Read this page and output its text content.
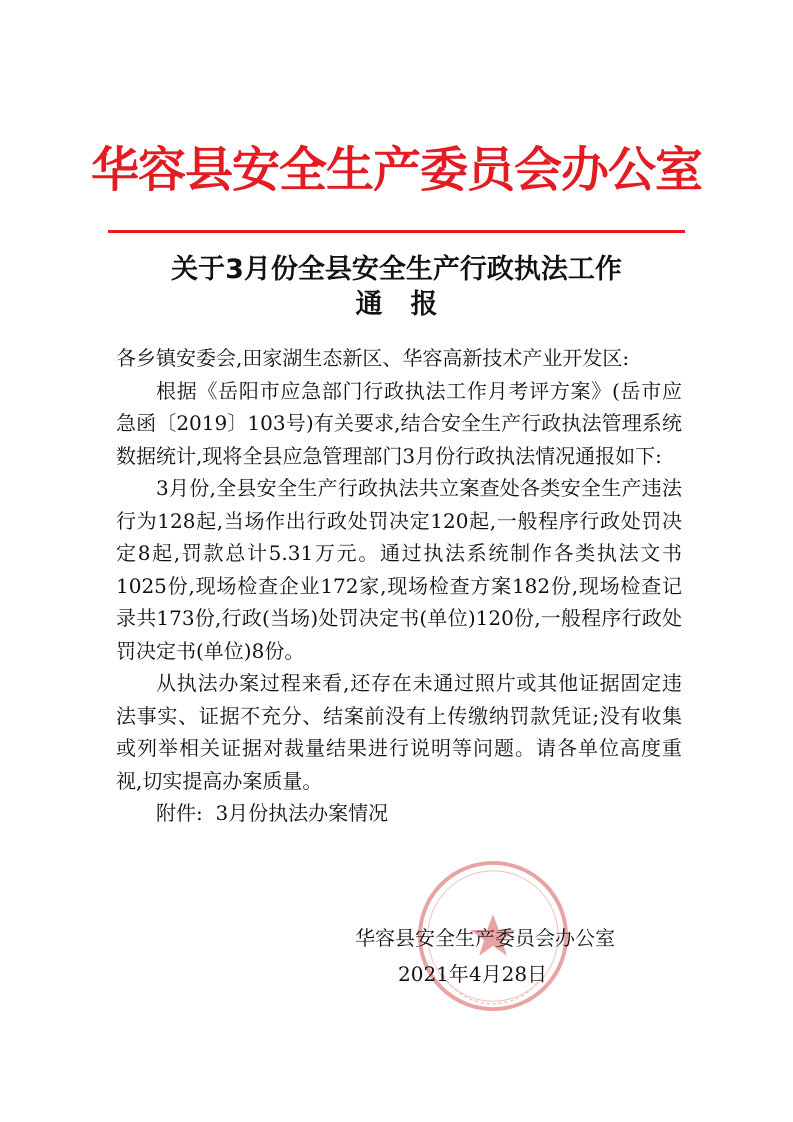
华容县安全生产委员会办公室
关于3月份全县安全生产行政执法工作
通报

各乡镇安委会,田家湖生态新区、华容高新技术产业开发区:

根据《岳阳市应急部门行政执法工作月考评方案》(岳市应急函〔2019〕103号)有关要求,结合安全生产行政执法管理系统数据统计,现将全县应急管理部门3月份行政执法情况通报如下:

3月份,全县安全生产行政执法共立案查处各类安全生产违法行为128起,当场作出行政处罚决定120起,一般程序行政处罚决定8起,罚款总计5.31万元。通过执法系统制作各类执法文书1025份,现场检查企业172家,现场检查方案182份,现场检查记录共173份,行政(当场)处罚决定书(单位)120份,一般程序行政处罚决定书(单位)8份。

从执法办案过程来看,还存在未通过照片或其他证据固定违法事实、证据不充分、结案前没有上传缴纳罚款凭证;没有收集或列举相关证据对裁量结果进行说明等问题。请各单位高度重视,切实提高办案质量。

附件:  3月份执法办案情况

华容县安全生产委员会办公室
2021年4月28日
